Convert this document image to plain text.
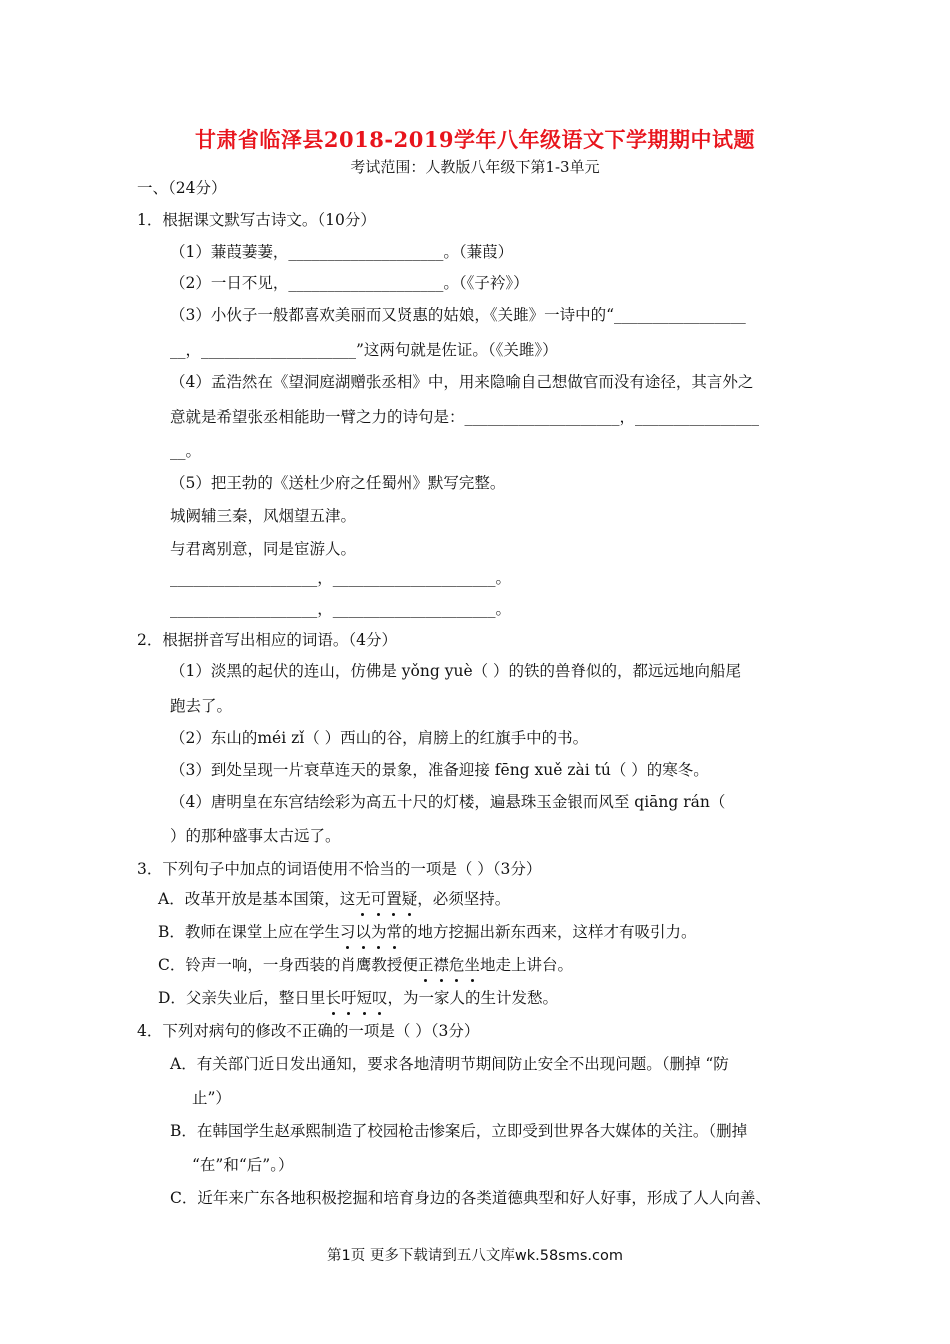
甘肃省临泽县2018-2019学年八年级语文下学期期中试题
考试范围：人教版八年级下第1-3单元
一、（24分）
1．根据课文默写古诗文。（10分）
（1）蒹葭萋萋，____________________。（蒹葭）
（2）一日不见，____________________。（《子衿》）
（3）小伙子一般都喜欢美丽而又贤惠的姑娘，《关雎》一诗中的“_________________
__，____________________”这两句就是佐证。（《关雎》）
（4）孟浩然在《望洞庭湖赠张丞相》中，用来隐喻自己想做官而没有途径，其言外之
意就是希望张丞相能助一臂之力的诗句是：____________________，________________
__。
（5）把王勃的《送杜少府之任蜀州》默写完整。
城阙辅三秦，风烟望五津。
与君离别意，同是宦游人。
___________________，_____________________。
___________________，_____________________。
2．根据拼音写出相应的词语。（4分）
（1）淡黑的起伏的连山，仿佛是 yǒng yuè（ ）的铁的兽脊似的，都远远地向船尾
跑去了。
（2）东山的méi zǐ（ ）西山的谷，肩膀上的红旗手中的书。
（3）到处呈现一片衰草连天的景象，准备迎接 fēng xuě zài tú（ ）的寒冬。
（4）唐明皇在东宫结绘彩为高五十尺的灯楼，遍悬珠玉金银而风至 qiāng rán（
）的那种盛事太古远了。
3．下列句子中加点的词语使用不恰当的一项是（ ）（3分）
A．改革开放是基本国策，这无可置疑，必须坚持。
B．教师在课堂上应在学生习以为常的地方挖掘出新东西来，这样才有吸引力。
C．铃声一响，一身西装的肖鹰教授便正襟危坐地走上讲台。
D．父亲失业后，整日里长吁短叹，为一家人的生计发愁。
4．下列对病句的修改不正确的一项是（ ）（3分）
A．有关部门近日发出通知，要求各地清明节期间防止安全不出现问题。（删掉 “防
止”）
B．在韩国学生赵承熙制造了校园枪击惨案后，立即受到世界各大媒体的关注。（删掉
“在”和“后”。）
C．近年来广东各地积极挖掘和培育身边的各类道德典型和好人好事，形成了人人向善、
第1页 更多下载请到五八文库wk.58sms.com
